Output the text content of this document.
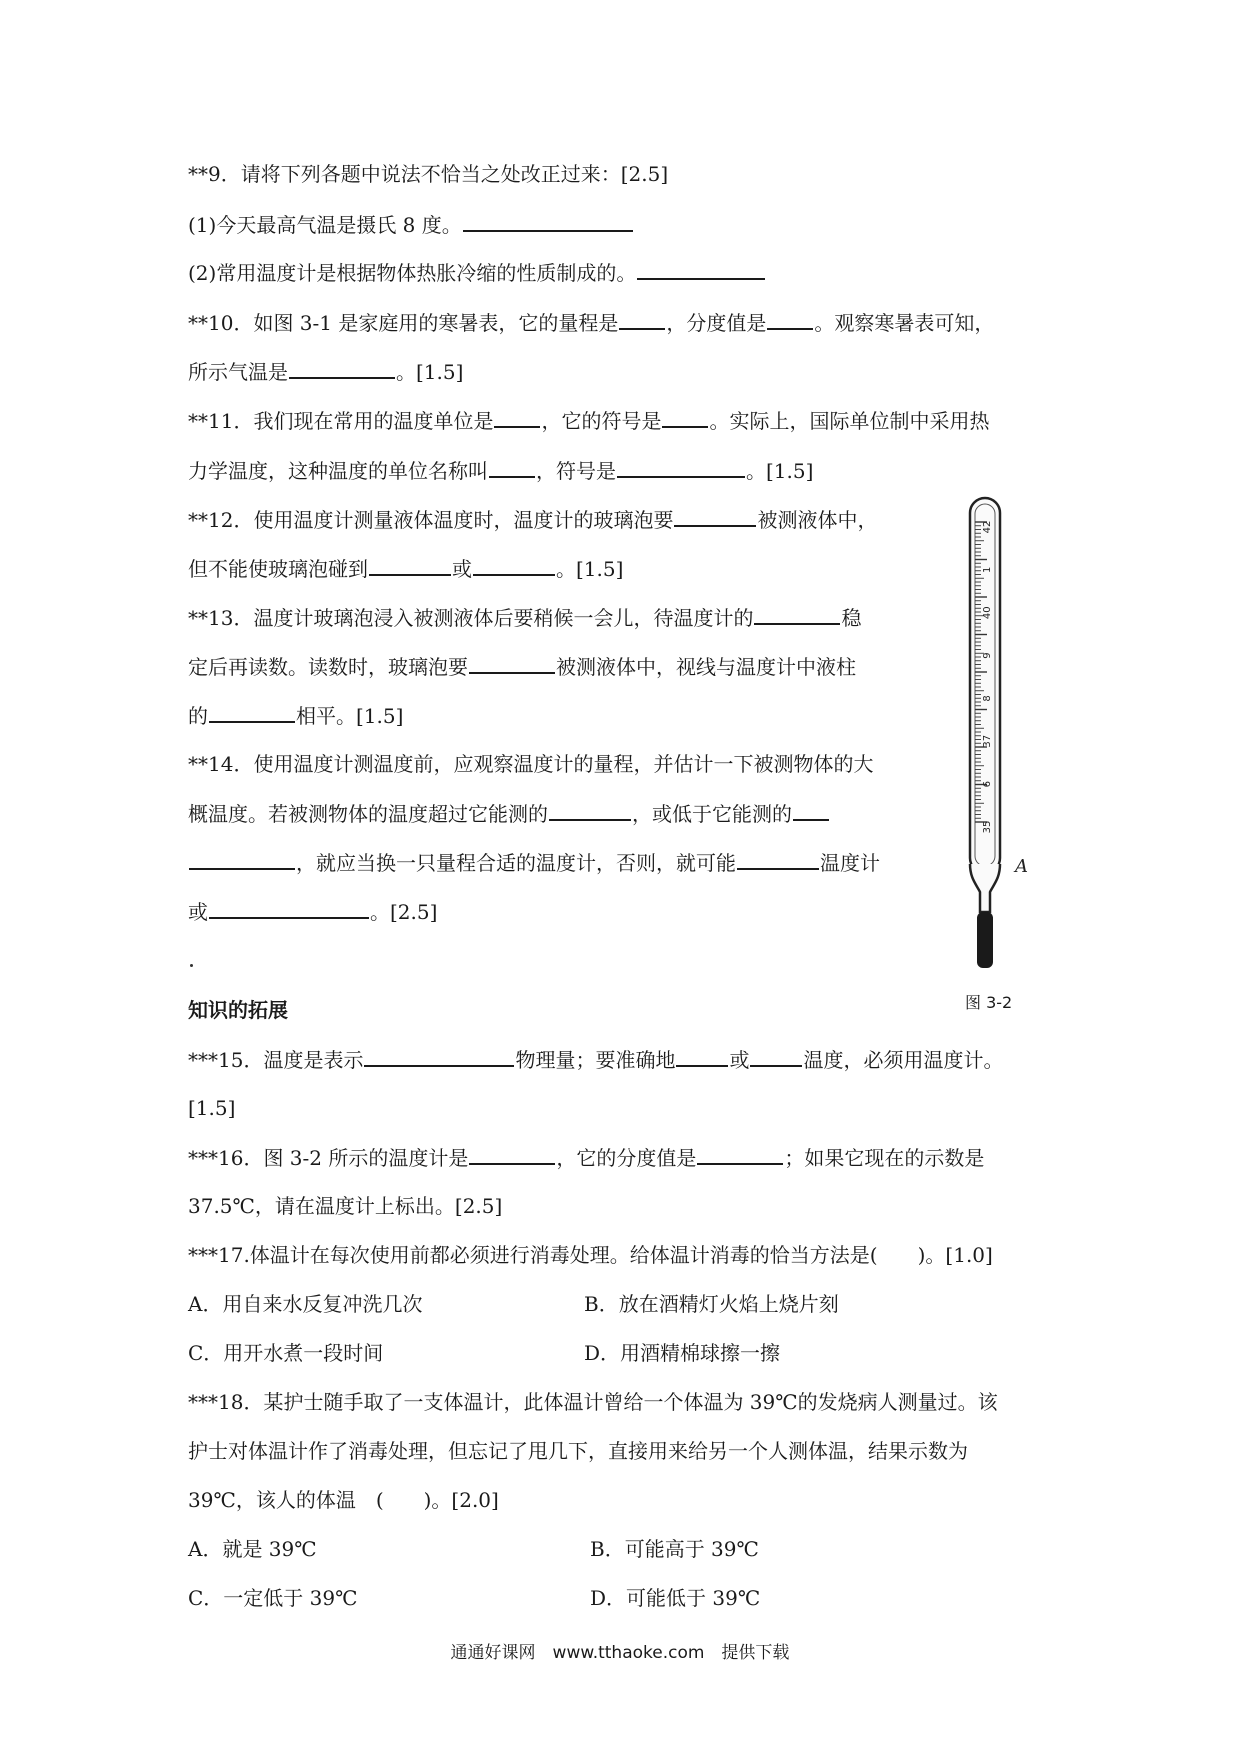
**9．请将下列各题中说法不恰当之处改正过来：[2.5]
(1)今天最高气温是摄氏 8 度。
(2)常用温度计是根据物体热胀冷缩的性质制成的。
**10．如图 3-1 是家庭用的寒暑表，它的量程是 ，分度值是 。观察寒暑表可知，
所示气温是	。[1.5]
**11．我们现在常用的温度单位是 ，它的符号是 。实际上，国际单位制中采用热
力学温度，这种温度的单位名称叫 ，符号是	。[1.5]
**12．使用温度计测量液体温度时，温度计的玻璃泡要	被测液体中，
但不能使玻璃泡碰到	或	。[1.5]
**13．温度计玻璃泡浸入被测液体后要稍候一会儿，待温度计的	稳
定后再读数。读数时，玻璃泡要	被测液体中，视线与温度计中液柱
的	相平。[1.5]
**14．使用温度计测温度前，应观察温度计的量程，并估计一下被测物体的大
概温度。若被测物体的温度超过它能测的	，或低于它能测的
，就应当换一只量程合适的温度计，否则，就可能	温度计
或	。[2.5]
知识的拓展
***15．温度是表示	物理量；要准确地	或	温度，必须用温度计。
[1.5]
***16．图 3-2 所示的温度计是	，它的分度值是	；如果它现在的示数是
37.5℃，请在温度计上标出。[2.5]
***17.体温计在每次使用前都必须进行消毒处理。给体温计消毒的恰当方法是(　　)。[1.0]
A．用自来水反复冲洗几次	B．放在酒精灯火焰上烧片刻
C．用开水煮一段时间	D．用酒精棉球擦一擦
***18．某护士随手取了一支体温计，此体温计曾给一个体温为 39℃的发烧病人测量过。该
护士对体温计作了消毒处理，但忘记了甩几下，直接用来给另一个人测体温，结果示数为
39℃，该人的体温　(　　)。[2.0]
A．就是 39℃	B．可能高于 39℃
C．一定低于 39℃	D．可能低于 39℃
42
1
40
9
8
37
6
35
A
图 3-2
通通好课网　www.tthaoke.com　提供下载
